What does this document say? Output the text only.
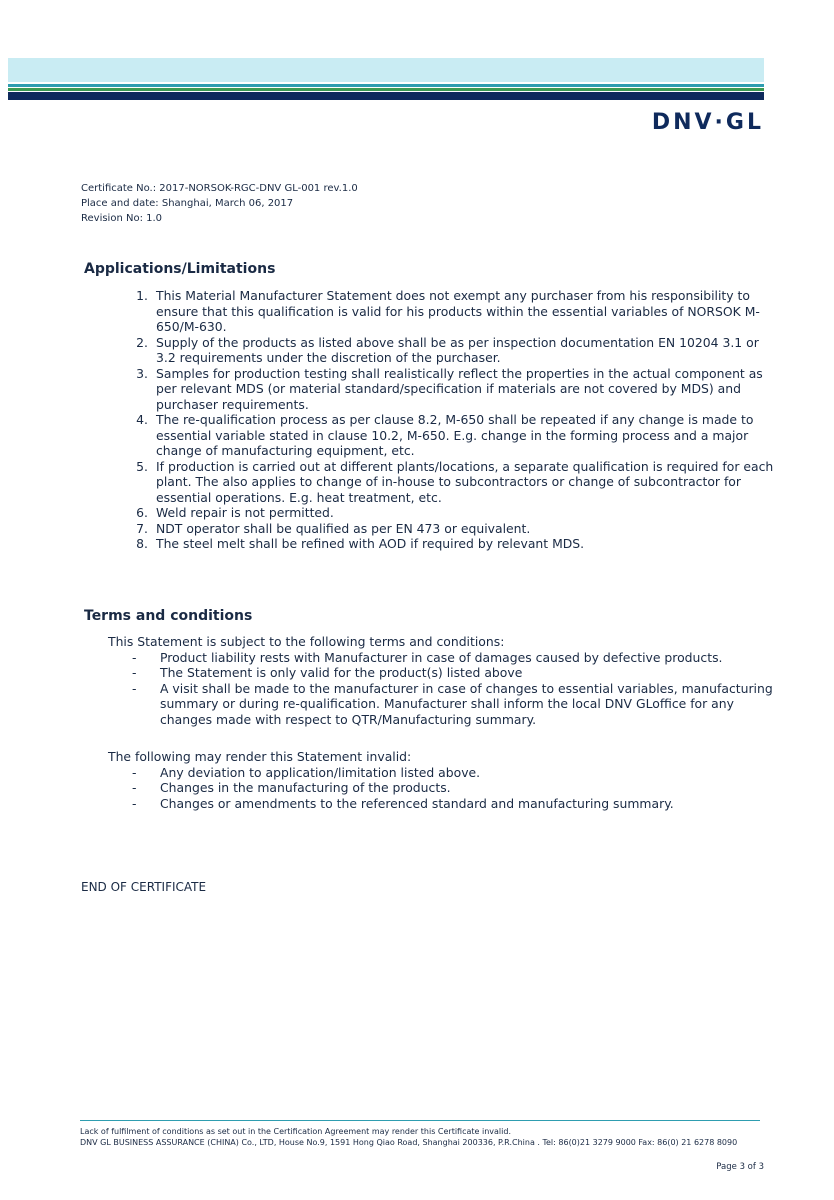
DNV·GL
Certificate No.: 2017-NORSOK-RGC-DNV GL-001 rev.1.0
Place and date: Shanghai, March 06, 2017
Revision No: 1.0
Applications/Limitations
1. This Material Manufacturer Statement does not exempt any purchaser from his responsibility to ensure that this qualification is valid for his products within the essential variables of NORSOK M-650/M-630.
2. Supply of the products as listed above shall be as per inspection documentation EN 10204 3.1 or 3.2 requirements under the discretion of the purchaser.
3. Samples for production testing shall realistically reflect the properties in the actual component as per relevant MDS (or material standard/specification if materials are not covered by MDS) and purchaser requirements.
4. The re-qualification process as per clause 8.2, M-650 shall be repeated if any change is made to essential variable stated in clause 10.2, M-650. E.g. change in the forming process and a major change of manufacturing equipment, etc.
5. If production is carried out at different plants/locations, a separate qualification is required for each plant. The also applies to change of in-house to subcontractors or change of subcontractor for essential operations. E.g. heat treatment, etc.
6. Weld repair is not permitted.
7. NDT operator shall be qualified as per EN 473 or equivalent.
8. The steel melt shall be refined with AOD if required by relevant MDS.
Terms and conditions
This Statement is subject to the following terms and conditions:
- Product liability rests with Manufacturer in case of damages caused by defective products.
- The Statement is only valid for the product(s) listed above
- A visit shall be made to the manufacturer in case of changes to essential variables, manufacturing summary or during re-qualification. Manufacturer shall inform the local DNV GLoffice for any changes made with respect to QTR/Manufacturing summary.
The following may render this Statement invalid:
- Any deviation to application/limitation listed above.
- Changes in the manufacturing of the products.
- Changes or amendments to the referenced standard and manufacturing summary.
END OF CERTIFICATE
Lack of fulfilment of conditions as set out in the Certification Agreement may render this Certificate invalid.
DNV GL BUSINESS ASSURANCE (CHINA) Co., LTD, House No.9, 1591 Hong Qiao Road, Shanghai 200336, P.R.China . Tel: 86(0)21 3279 9000 Fax: 86(0) 21 6278 8090
Page 3 of 3
